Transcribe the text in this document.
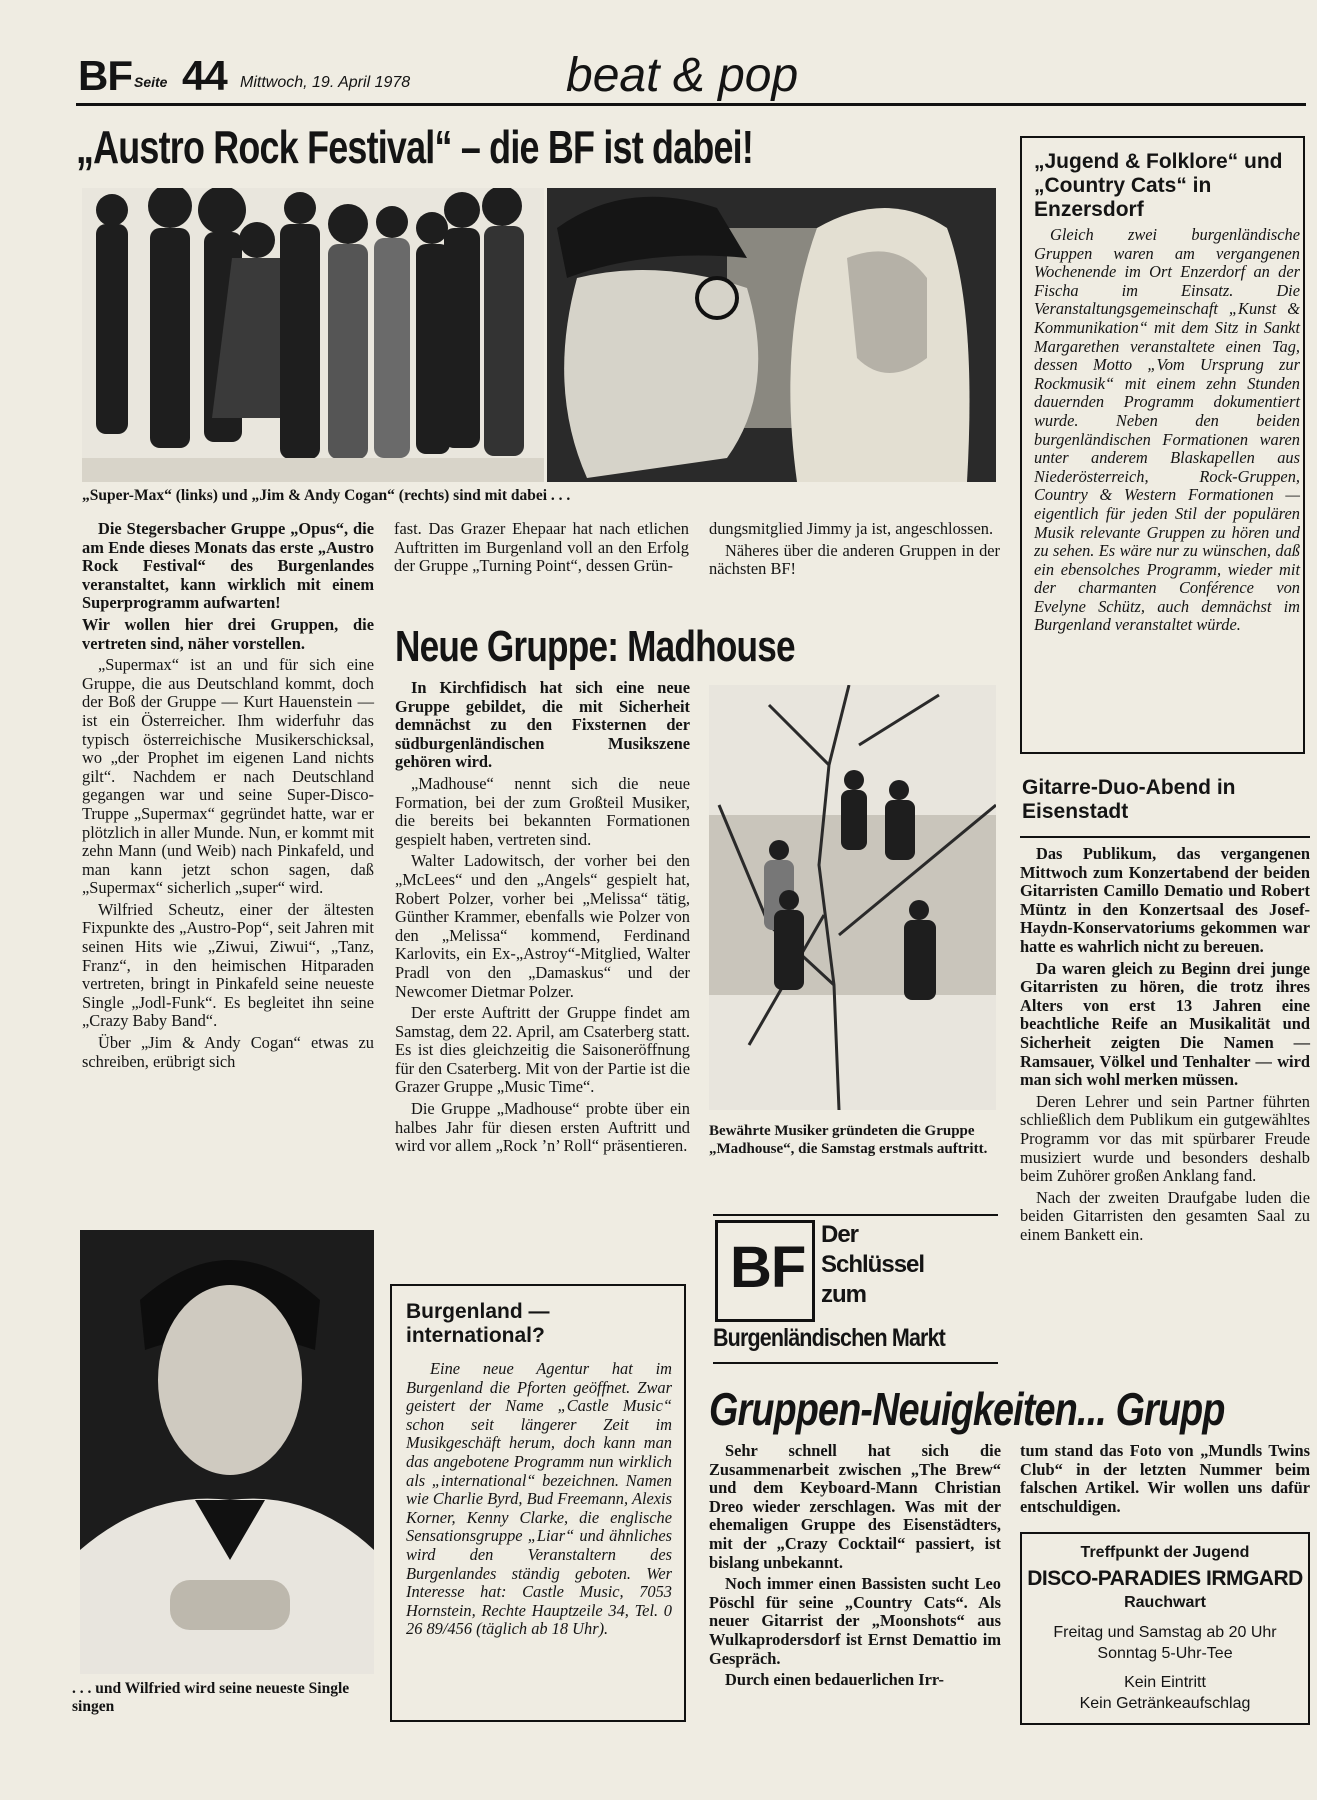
BF Seite 44 Mittwoch, 19. April 1978	beat & pop
„Austro Rock Festival“ – die BF ist dabei!
„Super-Max“ (links) und „Jim & Andy Cogan“ (rechts) sind mit dabei . . .

Die Stegersbacher Gruppe „Opus“, die am Ende dieses Monats das erste „Austro Rock Festival“ des Burgenlandes veranstaltet, kann wirklich mit einem Superprogramm aufwarten!

Wir wollen hier drei Gruppen, die vertreten sind, näher vorstellen.

„Supermax“ ist an und für sich eine Gruppe, die aus Deutschland kommt, doch der Boß der Gruppe — Kurt Hauenstein — ist ein Österreicher. Ihm widerfuhr das typisch österreichische Musikerschicksal, wo „der Prophet im eigenen Land nichts gilt“. Nachdem er nach Deutschland gegangen war und seine Super-Disco-Truppe „Supermax“ gegründet hatte, war er plötzlich in aller Munde. Nun, er kommt mit zehn Mann (und Weib) nach Pinkafeld, und man kann jetzt schon sagen, daß „Supermax“ sicherlich „super“ wird.

Wilfried Scheutz, einer der ältesten Fixpunkte des „Austro-Pop“, seit Jahren mit seinen Hits wie „Ziwui, Ziwui“, „Tanz, Franz“, in den heimischen Hitparaden vertreten, bringt in Pinkafeld seine neueste Single „Jodl-Funk“. Es begleitet ihn seine „Crazy Baby Band“.

Über „Jim & Andy Cogan“ etwas zu schreiben, erübrigt sich

fast. Das Grazer Ehepaar hat nach etlichen Auftritten im Burgenland voll an den Erfolg der Gruppe „Turning Point“, dessen Grün-

dungsmitglied Jimmy ja ist, angeschlossen.

Näheres über die anderen Gruppen in der nächsten BF!

. . . und Wilfried wird seine neueste Single singen
Neue Gruppe: Madhouse

In Kirchfidisch hat sich eine neue Gruppe gebildet, die mit Sicherheit demnächst zu den Fixsternen der südburgenländischen Musikszene gehören wird.

„Madhouse“ nennt sich die neue Formation, bei der zum Großteil Musiker, die bereits bei bekannten Formationen gespielt haben, vertreten sind.

Walter Ladowitsch, der vorher bei den „McLees“ und den „Angels“ gespielt hat, Robert Polzer, vorher bei „Melissa“ tätig, Günther Krammer, ebenfalls wie Polzer von den „Melissa“ kommend, Ferdinand Karlovits, ein Ex-„Astroy“-Mitglied, Walter Pradl von den „Damaskus“ und der Newcomer Dietmar Polzer.

Der erste Auftritt der Gruppe findet am Samstag, dem 22. April, am Csaterberg statt. Es ist dies gleichzeitig die Saisoneröffnung für den Csaterberg. Mit von der Partie ist die Grazer Gruppe „Music Time“.

Die Gruppe „Madhouse“ probte über ein halbes Jahr für diesen ersten Auftritt und wird vor allem „Rock ’n’ Roll“ präsentieren.

Bewährte Musiker gründeten die Gruppe „Madhouse“, die Samstag erstmals auftritt.
Burgenland — international?
Eine neue Agentur hat im Burgenland die Pforten geöffnet. Zwar geistert der Name „Castle Music“ schon seit längerer Zeit im Musikgeschäft herum, doch kann man das angebotene Programm nun wirklich als „international“ bezeichnen. Namen wie Charlie Byrd, Bud Freemann, Alexis Korner, Kenny Clarke, die englische Sensationsgruppe „Liar“ und ähnliches wird den Veranstaltern des Burgenlandes ständig geboten. Wer Interesse hat: Castle Music, 7053 Hornstein, Rechte Hauptzeile 34, Tel. 0 26 89/456 (täglich ab 18 Uhr).
BF
Der
Schlüssel
zum
Burgenländischen Markt
„Jugend & Folklore“ und „Country Cats“ in Enzersdorf
Gleich zwei burgenländische Gruppen waren am vergangenen Wochenende im Ort Enzerdorf an der Fischa im Einsatz. Die Veranstaltungsgemeinschaft „Kunst & Kommunikation“ mit dem Sitz in Sankt Margarethen veranstaltete einen Tag, dessen Motto „Vom Ursprung zur Rockmusik“ mit einem zehn Stunden dauernden Programm dokumentiert wurde. Neben den beiden burgenländischen Formationen waren unter anderem Blaskapellen aus Niederösterreich, Rock-Gruppen, Country & Western Formationen — eigentlich für jeden Stil der populären Musik relevante Gruppen zu hören und zu sehen. Es wäre nur zu wünschen, daß ein ebensolches Programm, wieder mit der charmanten Conférence von Evelyne Schütz, auch demnächst im Burgenland veranstaltet würde.
Gitarre-Duo-Abend in Eisenstadt

Das Publikum, das vergangenen Mittwoch zum Konzertabend der beiden Gitarristen Camillo Dematio und Robert Müntz in den Konzertsaal des Josef-Haydn-Konservatoriums gekommen war hatte es wahrlich nicht zu bereuen.

Da waren gleich zu Beginn drei junge Gitarristen zu hören, die trotz ihres Alters von erst 13 Jahren eine beachtliche Reife an Musikalität und Sicherheit zeigten Die Namen — Ramsauer, Völkel und Tenhalter — wird man sich wohl merken müssen.

Deren Lehrer und sein Partner führten schließlich dem Publikum ein gutgewähltes Programm vor das mit spürbarer Freude musiziert wurde und besonders deshalb beim Zuhörer großen Anklang fand.

Nach der zweiten Draufgabe luden die beiden Gitarristen den gesamten Saal zu einem Bankett ein.

Gruppen-Neuigkeiten... Grupp

Sehr schnell hat sich die Zusammenarbeit zwischen „The Brew“ und dem Keyboard-Mann Christian Dreo wieder zerschlagen. Was mit der ehemaligen Gruppe des Eisenstädters, mit der „Crazy Cocktail“ passiert, ist bislang unbekannt.

Noch immer einen Bassisten sucht Leo Pöschl für seine „Country Cats“. Als neuer Gitarrist der „Moonshots“ aus Wulkaprodersdorf ist Ernst Demattio im Gespräch.

Durch einen bedauerlichen Irr-

tum stand das Foto von „Mundls Twins Club“ in der letzten Nummer beim falschen Artikel. Wir wollen uns dafür entschuldigen.

Treffpunkt der Jugend
DISCO-PARADIES IRMGARD
Rauchwart
Freitag und Samstag ab 20 Uhr
Sonntag 5-Uhr-Tee
Kein Eintritt
Kein Getränkeaufschlag
